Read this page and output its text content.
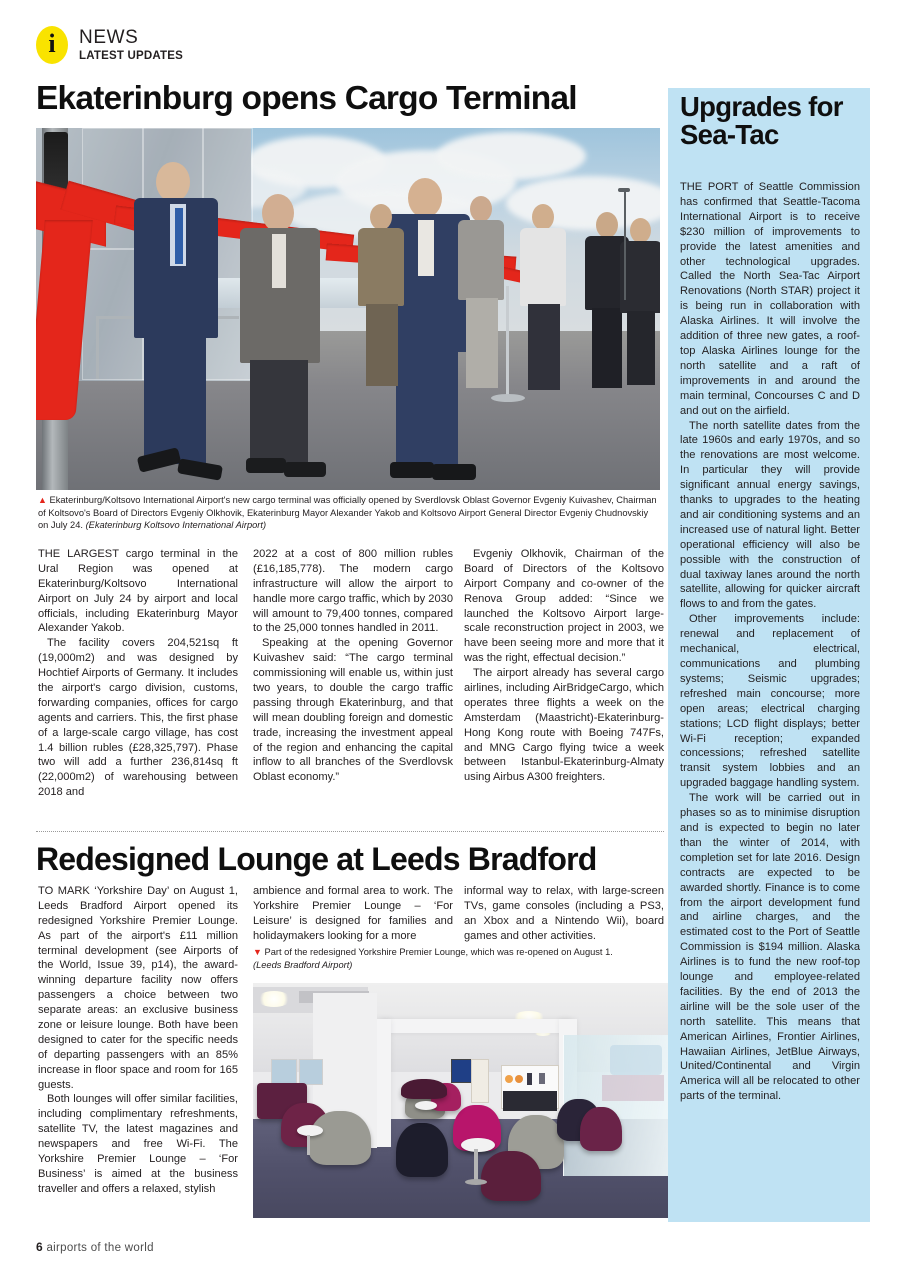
i NEWS
LATEST UPDATES
Ekaterinburg opens Cargo Terminal
▲ Ekaterinburg/Koltsovo International Airport's new cargo terminal was officially opened by Sverdlovsk Oblast Governor Evgeniy Kuivashev, Chairman of Koltsovo's Board of Directors Evgeniy Olkhovik, Ekaterinburg Mayor Alexander Yakob and Koltsovo Airport General Director Evgeniy Chudnovskiy on July 24. (Ekaterinburg Koltsovo International Airport)

THE LARGEST cargo terminal in the Ural Region was opened at Ekaterinburg/Koltsovo International Airport on July 24 by airport and local officials, including Ekaterinburg Mayor Alexander Yakob.

The facility covers 204,521sq ft (19,000m2) and was designed by Hochtief Airports of Germany. It includes the airport's cargo division, customs, forwarding companies, offices for cargo agents and carriers. This, the first phase of a large-scale cargo village, has cost 1.4 billion rubles (£28,325,797). Phase two will add a further 236,814sq ft (22,000m2) of warehousing between 2018 and

2022 at a cost of 800 million rubles (£16,185,778). The modern cargo infrastructure will allow the airport to handle more cargo traffic, which by 2030 will amount to 79,400 tonnes, compared to the 25,000 tonnes handled in 2011.

Speaking at the opening Governor Kuivashev said: “The cargo terminal commissioning will enable us, within just two years, to double the cargo traffic passing through Ekaterinburg, and that will mean doubling foreign and domestic trade, increasing the investment appeal of the region and enhancing the capital inflow to all branches of the Sverdlovsk Oblast economy.”

Evgeniy Olkhovik, Chairman of the Board of Directors of the Koltsovo Airport Company and co-owner of the Renova Group added: “Since we launched the Koltsovo Airport large-scale reconstruction project in 2003, we have been seeing more and more that it was the right, effectual decision.”

The airport already has several cargo airlines, including AirBridgeCargo, which operates three flights a week on the Amsterdam (Maastricht)-Ekaterinburg-Hong Kong route with Boeing 747Fs, and MNG Cargo flying twice a week between Istanbul-Ekaterinburg-Almaty using Airbus A300 freighters.

Redesigned Lounge at Leeds Bradford

TO MARK ‘Yorkshire Day’ on August 1, Leeds Bradford Airport opened its redesigned Yorkshire Premier Lounge. As part of the airport's £11 million terminal development (see Airports of the World, Issue 39, p14), the award-winning departure facility now offers passengers a choice between two separate areas: an exclusive business zone or leisure lounge. Both have been designed to cater for the specific needs of departing passengers with an 85% increase in floor space and room for 165 guests.

Both lounges will offer similar facilities, including complimentary refreshments, satellite TV, the latest magazines and newspapers and free Wi-Fi. The Yorkshire Premier Lounge – ‘For Business’ is aimed at the business traveller and offers a relaxed, stylish

ambience and formal area to work. The Yorkshire Premier Lounge – ‘For Leisure’ is designed for families and holidaymakers looking for a more

informal way to relax, with large-screen TVs, game consoles (including a PS3, an Xbox and a Nintendo Wii), board games and other activities.

▼ Part of the redesigned Yorkshire Premier Lounge, which was re-opened on August 1.
(Leeds Bradford Airport)
Upgrades for Sea-Tac

THE PORT of Seattle Commission has confirmed that Seattle-Tacoma International Airport is to receive $230 million of improvements to provide the latest amenities and other technological upgrades. Called the North Sea-Tac Airport Renovations (North STAR) project it is being run in collaboration with Alaska Airlines. It will involve the addition of three new gates, a roof-top Alaska Airlines lounge for the north satellite and a raft of improvements in and around the main terminal, Concourses C and D and out on the airfield.

The north satellite dates from the late 1960s and early 1970s, and so the renovations are most welcome. In particular they will provide significant annual energy savings, thanks to upgrades to the heating and air conditioning systems and an increased use of natural light. Better operational efficiency will also be possible with the construction of dual taxiway lanes around the north satellite, allowing for quicker aircraft flows to and from the gates.

Other improvements include: renewal and replacement of mechanical, electrical, communications and plumbing systems; Seismic upgrades; refreshed main concourse; more open areas; electrical charging stations; LCD flight displays; better Wi-Fi reception; expanded concessions; refreshed satellite transit system lobbies and an upgraded baggage handling system.

The work will be carried out in phases so as to minimise disruption and is expected to begin no later than the winter of 2014, with completion set for late 2016. Design contracts are expected to be awarded shortly. Finance is to come from the airport development fund and airline charges, and the estimated cost to the Port of Seattle Commission is $194 million. Alaska Airlines is to fund the new roof-top lounge and employee-related facilities. By the end of 2013 the airline will be the sole user of the north satellite. This means that American Airlines, Frontier Airlines, Hawaiian Airlines, JetBlue Airways, United/Continental and Virgin America will all be relocated to other parts of the terminal.

6 airports of the world
